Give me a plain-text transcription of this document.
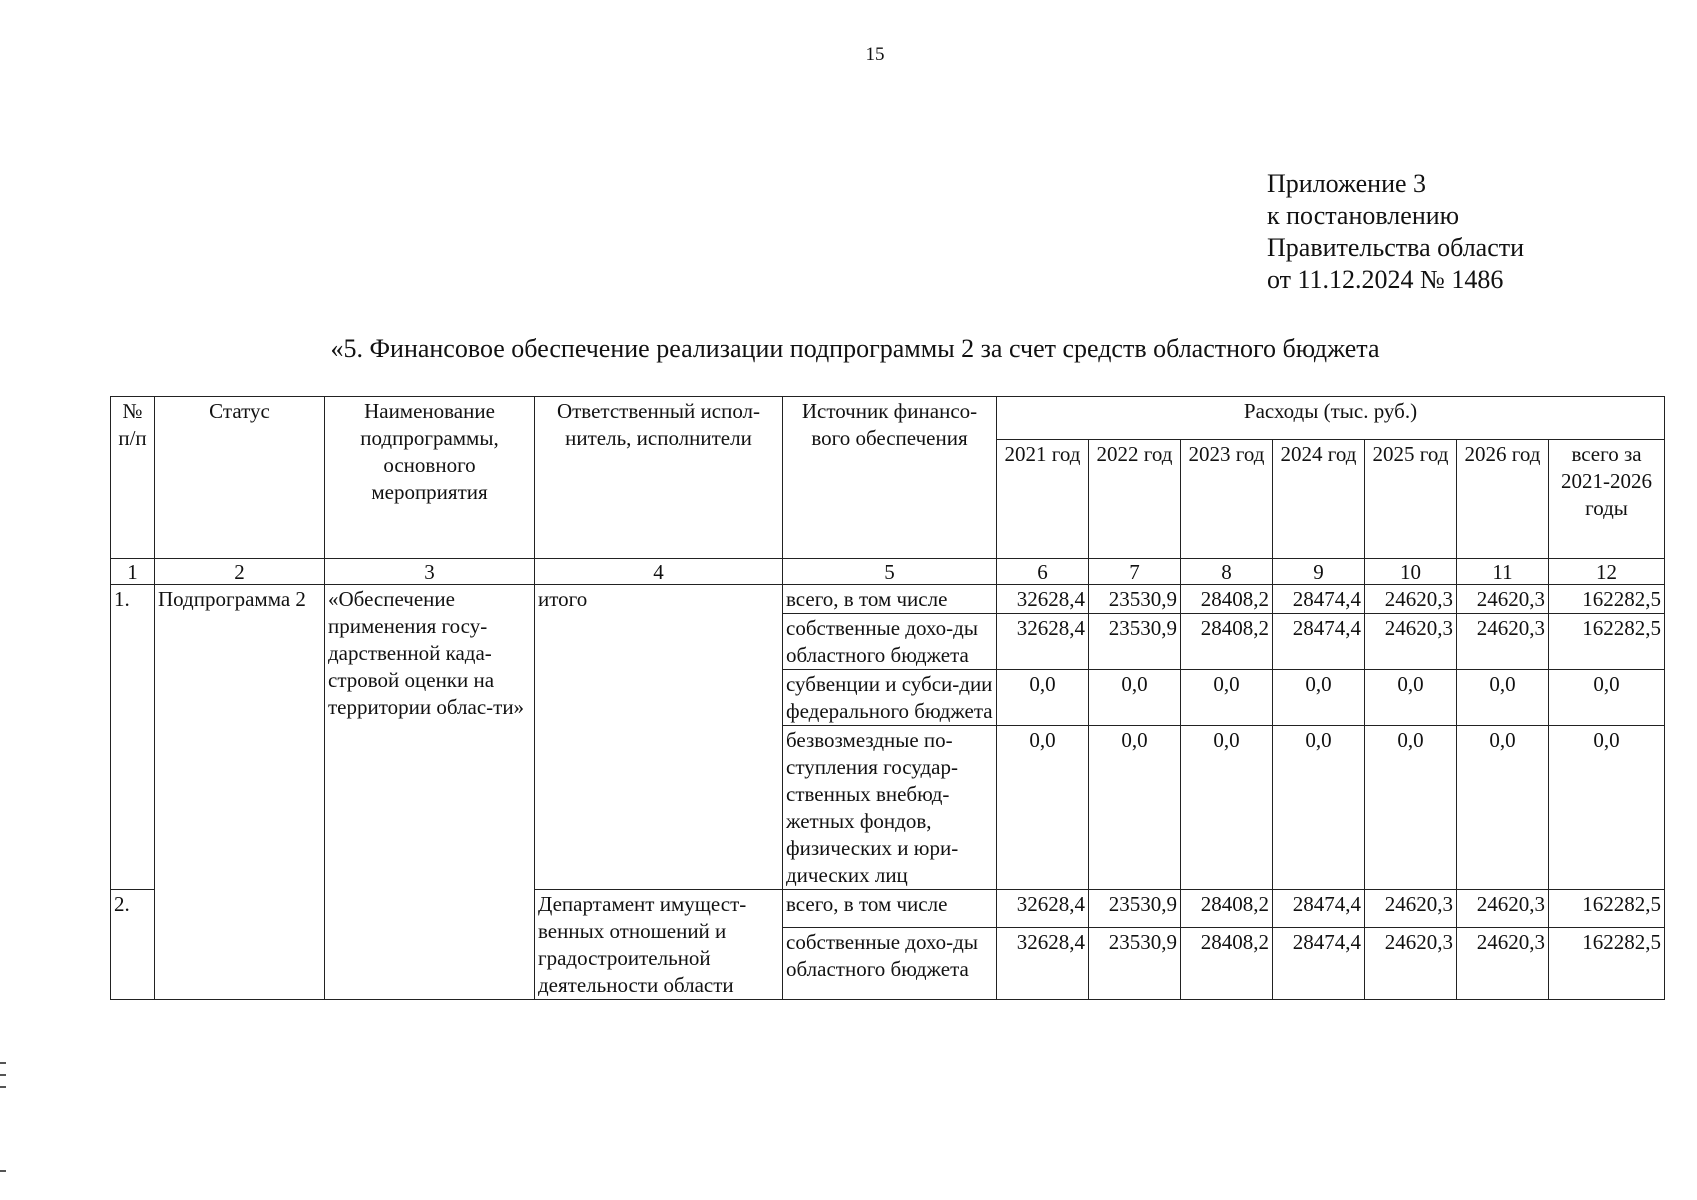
15
Приложение 3
к постановлению
Правительства области
от 11.12.2024 № 1486
«5. Финансовое обеспечение реализации подпрограммы 2 за счет средств областного бюджета
№ п/п	Статус	Наименование подпрограммы, основного мероприятия	Ответственный испол-нитель, исполнители	Источник финансо-вого обеспечения	Расходы (тыс. руб.)						
					2021 год	2022 год	2023 год	2024 год	2025 год	2026 год	всего за 2021-2026 годы
1	2	3	4	5	6	7	8	9	10	11	12
1.	Подпрограмма 2	«Обеспечение применения госу-дарственной када-стровой оценки на территории облас-ти»	итого	всего, в том числе	32628,4	23530,9	28408,2	28474,4	24620,3	24620,3	162282,5
				собственные дохо-ды областного бюджета	32628,4	23530,9	28408,2	28474,4	24620,3	24620,3	162282,5
				субвенции и субси-дии федерального бюджета	0,0	0,0	0,0	0,0	0,0	0,0	0,0
				безвозмездные по-ступления государ-ственных внебюд-жетных фондов, физических и юри-дических лиц	0,0	0,0	0,0	0,0	0,0	0,0	0,0
2.			Департамент имущест-венных отношений и градостроительной деятельности области	всего, в том числе	32628,4	23530,9	28408,2	28474,4	24620,3	24620,3	162282,5
				собственные дохо-ды областного бюджета	32628,4	23530,9	28408,2	28474,4	24620,3	24620,3	162282,5
